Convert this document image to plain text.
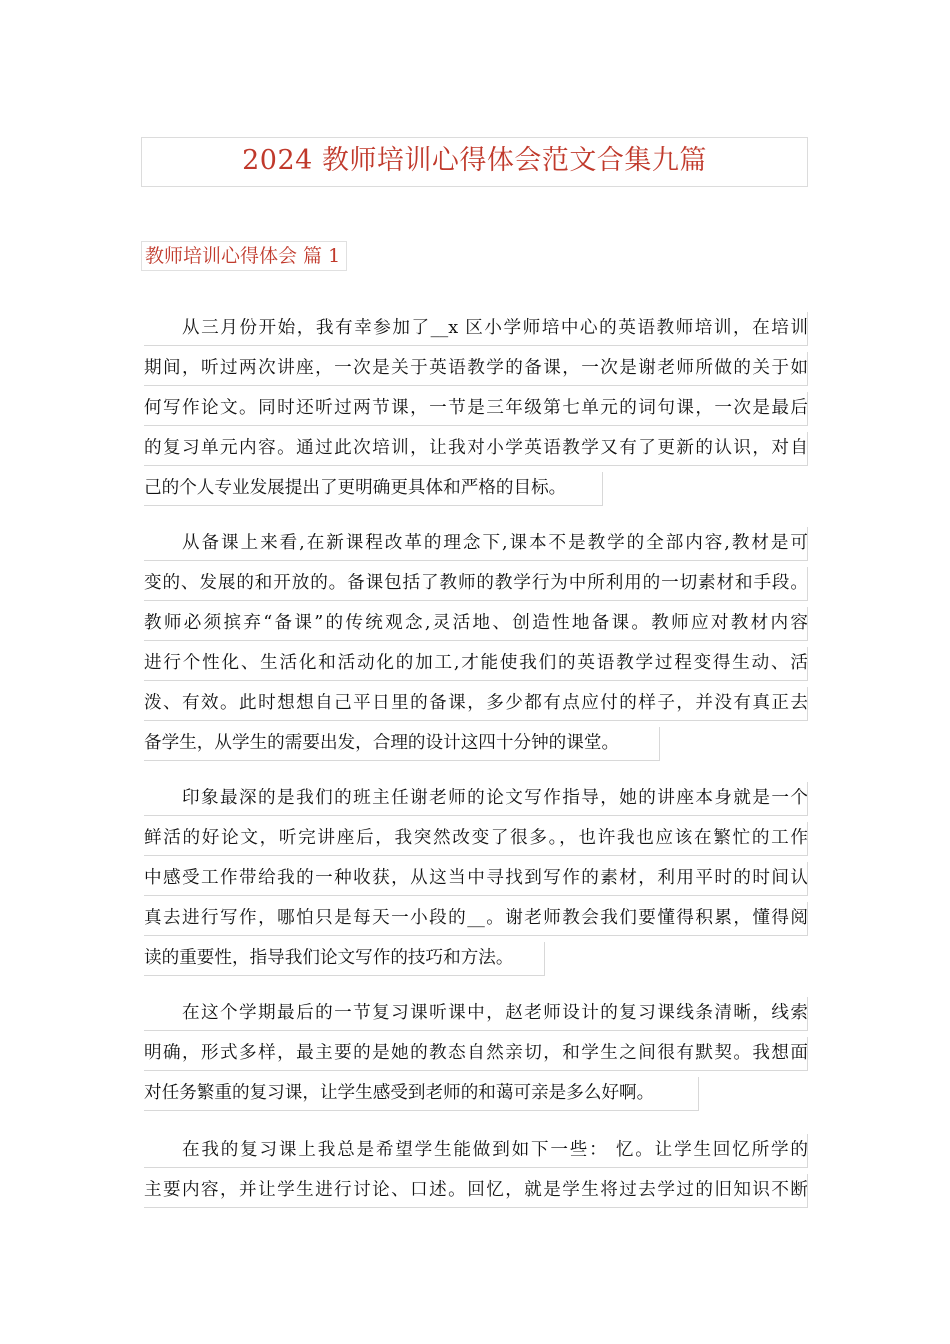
2024 教师培训心得体会范文合集九篇
教师培训心得体会 篇 1
从三月份开始，我有幸参加了__x 区小学师培中心的英语教师培训，在培训
期间，听过两次讲座，一次是关于英语教学的备课，一次是谢老师所做的关于如
何写作论文。同时还听过两节课，一节是三年级第七单元的词句课，一次是最后
的复习单元内容。通过此次培训，让我对小学英语教学又有了更新的认识，对自
己的个人专业发展提出了更明确更具体和严格的目标。
从备课上来看,在新课程改革的理念下,课本不是教学的全部内容,教材是可
变的、发展的和开放的。备课包括了教师的教学行为中所利用的一切素材和手段。
教师必须摈弃“备课”的传统观念,灵活地、创造性地备课。教师应对教材内容
进行个性化、生活化和活动化的加工,才能使我们的英语教学过程变得生动、活
泼、有效。此时想想自己平日里的备课，多少都有点应付的样子，并没有真正去
备学生，从学生的需要出发，合理的设计这四十分钟的课堂。
印象最深的是我们的班主任谢老师的论文写作指导，她的讲座本身就是一个
鲜活的好论文，听完讲座后，我突然改变了很多。，也许我也应该在繁忙的工作
中感受工作带给我的一种收获，从这当中寻找到写作的素材，利用平时的时间认
真去进行写作，哪怕只是每天一小段的__。谢老师教会我们要懂得积累，懂得阅
读的重要性，指导我们论文写作的技巧和方法。
在这个学期最后的一节复习课听课中，赵老师设计的复习课线条清晰，线索
明确，形式多样，最主要的是她的教态自然亲切，和学生之间很有默契。我想面
对任务繁重的复习课，让学生感受到老师的和蔼可亲是多么好啊。
在我的复习课上我总是希望学生能做到如下一些： 忆。让学生回忆所学的
主要内容，并让学生进行讨论、口述。回忆，就是学生将过去学过的旧知识不断
